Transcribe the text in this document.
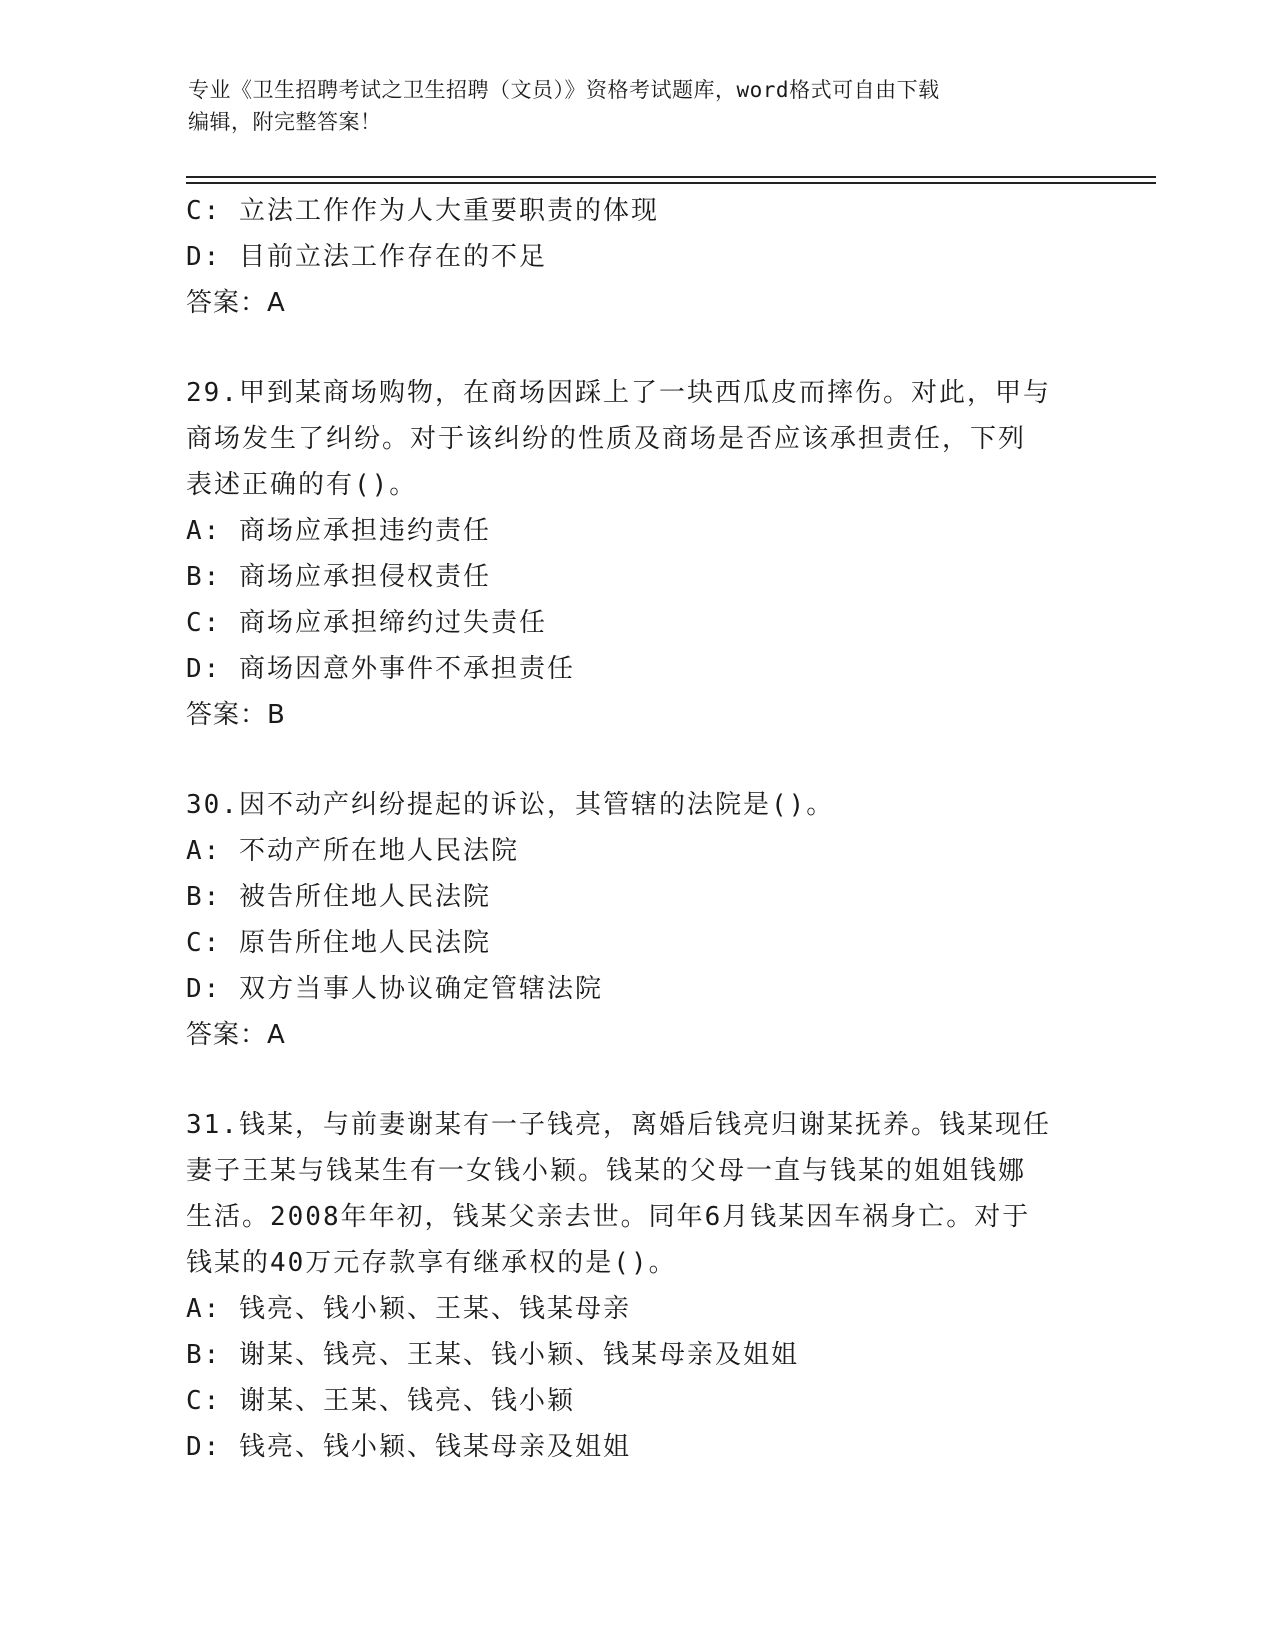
专业《卫生招聘考试之卫生招聘（文员）》资格考试题库，word格式可自由下载
编辑，附完整答案！
C: 立法工作作为人大重要职责的体现
D: 目前立法工作存在的不足
答案：A
29.甲到某商场购物，在商场因踩上了一块西瓜皮而摔伤。对此，甲与
商场发生了纠纷。对于该纠纷的性质及商场是否应该承担责任，下列
表述正确的有()。
A: 商场应承担违约责任
B: 商场应承担侵权责任
C: 商场应承担缔约过失责任
D: 商场因意外事件不承担责任
答案：B
30.因不动产纠纷提起的诉讼，其管辖的法院是()。
A: 不动产所在地人民法院
B: 被告所住地人民法院
C: 原告所住地人民法院
D: 双方当事人协议确定管辖法院
答案：A
31.钱某，与前妻谢某有一子钱亮，离婚后钱亮归谢某抚养。钱某现任
妻子王某与钱某生有一女钱小颖。钱某的父母一直与钱某的姐姐钱娜
生活。2008年年初，钱某父亲去世。同年6月钱某因车祸身亡。对于
钱某的40万元存款享有继承权的是()。
A: 钱亮、钱小颖、王某、钱某母亲
B: 谢某、钱亮、王某、钱小颖、钱某母亲及姐姐
C: 谢某、王某、钱亮、钱小颖
D: 钱亮、钱小颖、钱某母亲及姐姐
